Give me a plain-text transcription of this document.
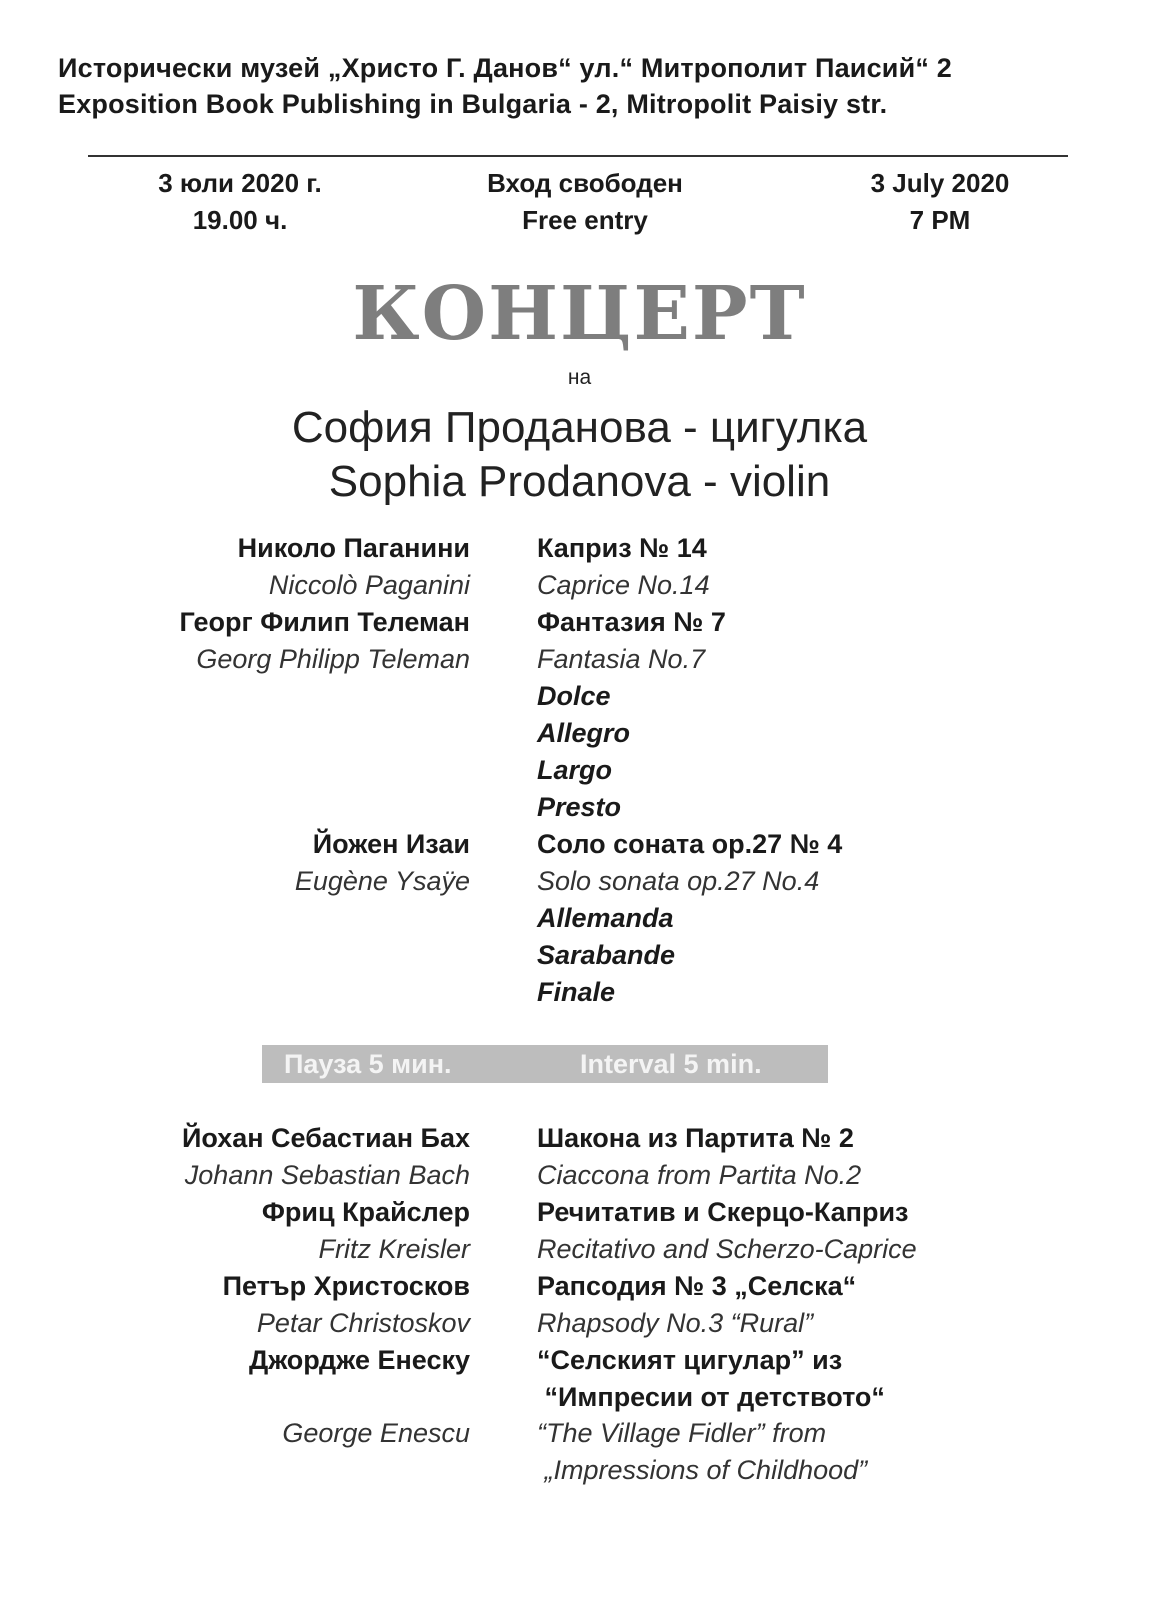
Исторически музей „Христо Г. Данов“ ул.“ Митрополит Паисий“ 2
Exposition Book Publishing in Bulgaria - 2, Mitropolit Paisiy str.
3 юли 2020 г.
19.00 ч.
Вход свободен
Free entry
3 July 2020
7 PM
КОНЦЕРТ
на
София Проданова - цигулка
Sophia Prodanova - violin
Николо Паганини Каприз № 14
Niccolò Paganini Caprice No.14
Георг Филип Телеман Фантазия № 7
Georg Philipp Teleman Fantasia No.7
Dolce
Allegro
Largo
Presto
Йожен Изаи Соло соната op.27 № 4
Eugène Ysaÿe Solo sonata op.27 No.4
Allemanda
Sarabande
Finale
Пауза 5 мин.	Interval 5 min.
Йохан Себастиан Бах Шакона из Партита № 2
Johann Sebastian Bach Ciaccona from Partita No.2
Фриц Крайслер Речитатив и Скерцо-Каприз
Fritz Kreisler Recitativo and Scherzo-Caprice
Петър Христосков Рапсодия № 3 „Селска“
Petar Christoskov Rhapsody No.3 “Rural”
Джордже Енеску “Селският цигулар” из
“Импресии от детството“
George Enescu “The Village Fidler” from
„Impressions of Childhood”
